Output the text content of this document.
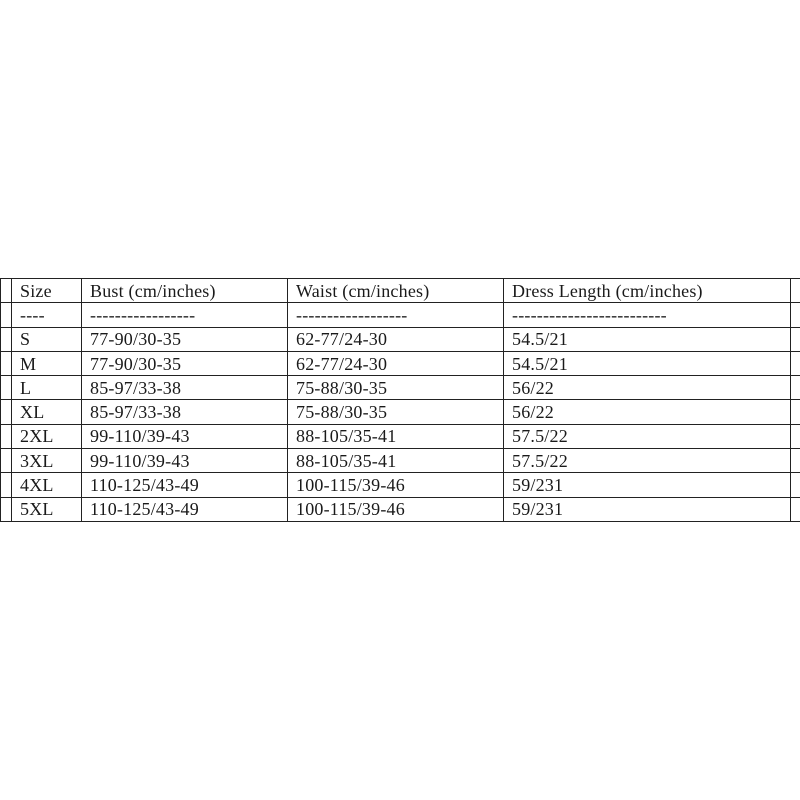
	Size	Bust (cm/inches)	Waist (cm/inches)	Dress Length (cm/inches)	
	----	-----------------	------------------	-------------------------	
	S	77-90/30-35	62-77/24-30	54.5/21	
	M	77-90/30-35	62-77/24-30	54.5/21	
	L	85-97/33-38	75-88/30-35	56/22	
	XL	85-97/33-38	75-88/30-35	56/22	
	2XL	99-110/39-43	88-105/35-41	57.5/22	
	3XL	99-110/39-43	88-105/35-41	57.5/22	
	4XL	110-125/43-49	100-115/39-46	59/231	
	5XL	110-125/43-49	100-115/39-46	59/231	
